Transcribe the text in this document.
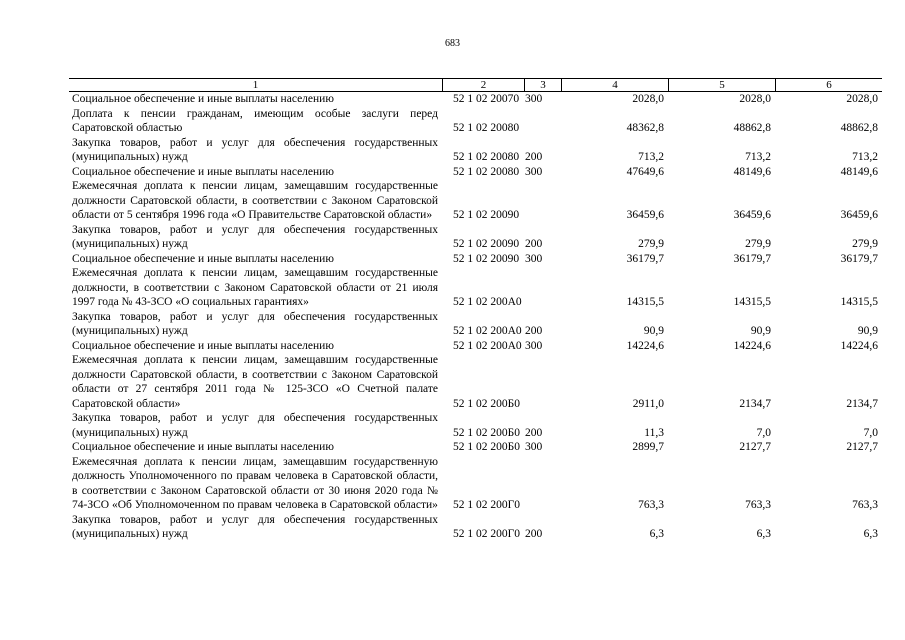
683
1	2	3	4	5	6
Социальное обеспечение и иные выплаты населению	52 1 02 20070 300	2028,0	2028,0	2028,0
Доплата к пенсии гражданам, имеющим особые заслуги перед Саратовской областью	52 1 02 20080	48362,8	48862,8	48862,8
Закупка товаров, работ и услуг для обеспечения государственных (муниципальных) нужд	52 1 02 20080 200	713,2	713,2	713,2
Социальное обеспечение и иные выплаты населению	52 1 02 20080 300	47649,6	48149,6	48149,6
Ежемесячная доплата к пенсии лицам, замещавшим государственные должности Саратовской области, в соответствии с Законом Саратовской области от 5 сентября 1996 года «О Правительстве Саратовской области»	52 1 02 20090	36459,6	36459,6	36459,6
Закупка товаров, работ и услуг для обеспечения государственных (муниципальных) нужд	52 1 02 20090 200	279,9	279,9	279,9
Социальное обеспечение и иные выплаты населению	52 1 02 20090 300	36179,7	36179,7	36179,7
Ежемесячная доплата к пенсии лицам, замещавшим государственные должности, в соответствии с Законом Саратовской области от 21 июля 1997 года № 43-ЗСО «О социальных гарантиях»	52 1 02 200А0	14315,5	14315,5	14315,5
Закупка товаров, работ и услуг для обеспечения государственных (муниципальных) нужд	52 1 02 200А0 200	90,9	90,9	90,9
Социальное обеспечение и иные выплаты населению	52 1 02 200А0 300	14224,6	14224,6	14224,6
Ежемесячная доплата к пенсии лицам, замещавшим государственные должности Саратовской области, в соответствии с Законом Саратовской области от 27 сентября 2011 года № 125-ЗСО «О Счетной палате Саратовской области»	52 1 02 200Б0	2911,0	2134,7	2134,7
Закупка товаров, работ и услуг для обеспечения государственных (муниципальных) нужд	52 1 02 200Б0 200	11,3	7,0	7,0
Социальное обеспечение и иные выплаты населению	52 1 02 200Б0 300	2899,7	2127,7	2127,7
Ежемесячная доплата к пенсии лицам, замещавшим государственную должность Уполномоченного по правам человека в Саратовской области, в соответствии с Законом Саратовской области от 30 июня 2020 года № 74-ЗСО «Об Уполномоченном по правам человека в Саратовской области»	52 1 02 200Г0	763,3	763,3	763,3
Закупка товаров, работ и услуг для обеспечения государственных (муниципальных) нужд	52 1 02 200Г0 200	6,3	6,3	6,3
